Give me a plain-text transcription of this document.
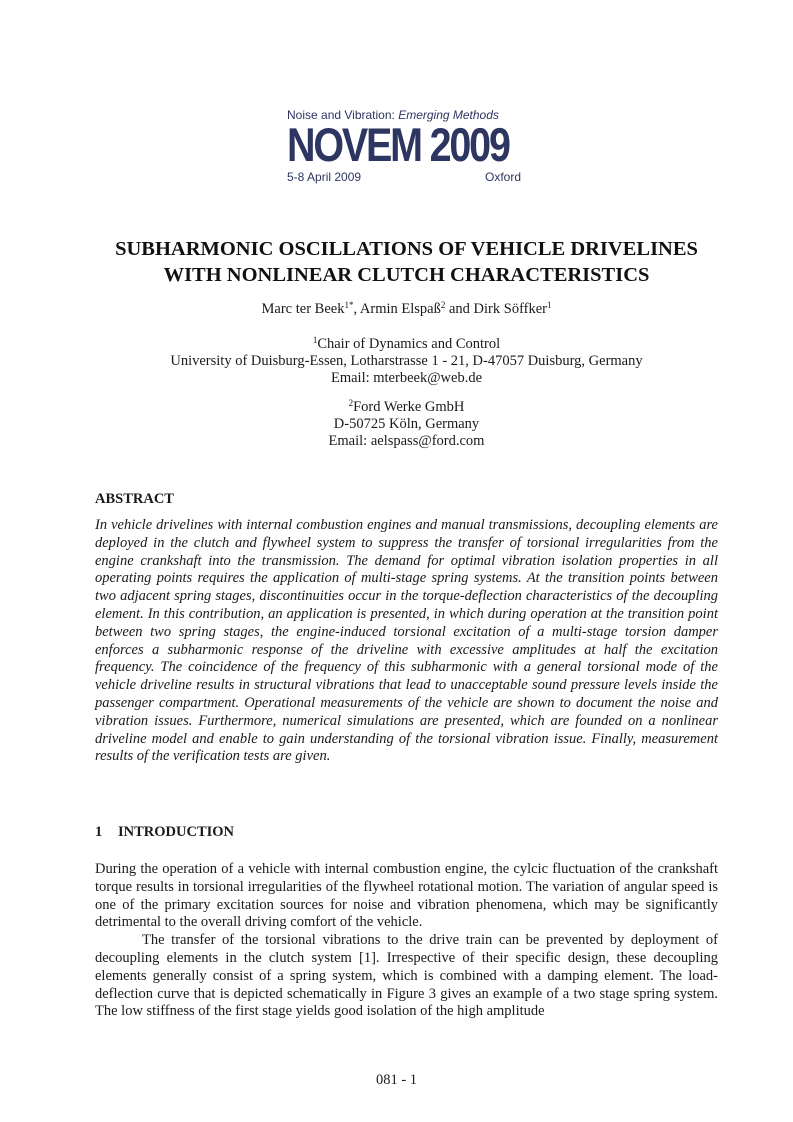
Noise and Vibration: Emerging Methods
NOVEM 2009
5-8 April 2009	Oxford
SUBHARMONIC OSCILLATIONS OF VEHICLE DRIVELINES
WITH NONLINEAR CLUTCH CHARACTERISTICS
Marc ter Beek$^{1*}$, Armin Elspaß$^2$ and Dirk Söffker$^1$
$^1$Chair of Dynamics and Control
University of Duisburg-Essen, Lotharstrasse 1 - 21, D-47057 Duisburg, Germany
Email: mterbeek@web.de
$^2$Ford Werke GmbH
D-50725 Köln, Germany
Email: aelspass@ford.com
ABSTRACT
In vehicle drivelines with internal combustion engines and manual transmissions, decoupling elements are deployed in the clutch and flywheel system to suppress the transfer of torsional irregularities from the engine crankshaft into the transmission. The demand for optimal vibration isolation properties in all operating points requires the application of multi-stage spring systems. At the transition points between two adjacent spring stages, discontinuities occur in the torque-deflection characteristics of the decoupling element. In this contribution, an application is presented, in which during operation at the transition point between two spring stages, the engine-induced torsional excitation of a multi-stage torsion damper enforces a subharmonic response of the driveline with excessive amplitudes at half the excitation frequency. The coincidence of the frequency of this subharmonic with a general torsional mode of the vehicle driveline results in structural vibrations that lead to unacceptable sound pressure levels inside the passenger compartment. Operational measurements of the vehicle are shown to document the noise and vibration issues. Furthermore, numerical simulations are presented, which are founded on a nonlinear driveline model and enable to gain understanding of the torsional vibration issue. Finally, measurement results of the verification tests are given.
1 INTRODUCTION

During the operation of a vehicle with internal combustion engine, the cylcic fluctuation of the crankshaft torque results in torsional irregularities of the flywheel rotational motion. The variation of angular speed is one of the primary excitation sources for noise and vibration phenomena, which may be significantly detrimental to the overall driving comfort of the vehicle.

The transfer of the torsional vibrations to the drive train can be prevented by deployment of decoupling elements in the clutch system [1]. Irrespective of their specific design, these decoupling elements generally consist of a spring system, which is combined with a damping element. The load-deflection curve that is depicted schematically in Figure 3 gives an example of a two stage spring system. The low stiffness of the first stage yields good isolation of the high amplitude

081 - 1
